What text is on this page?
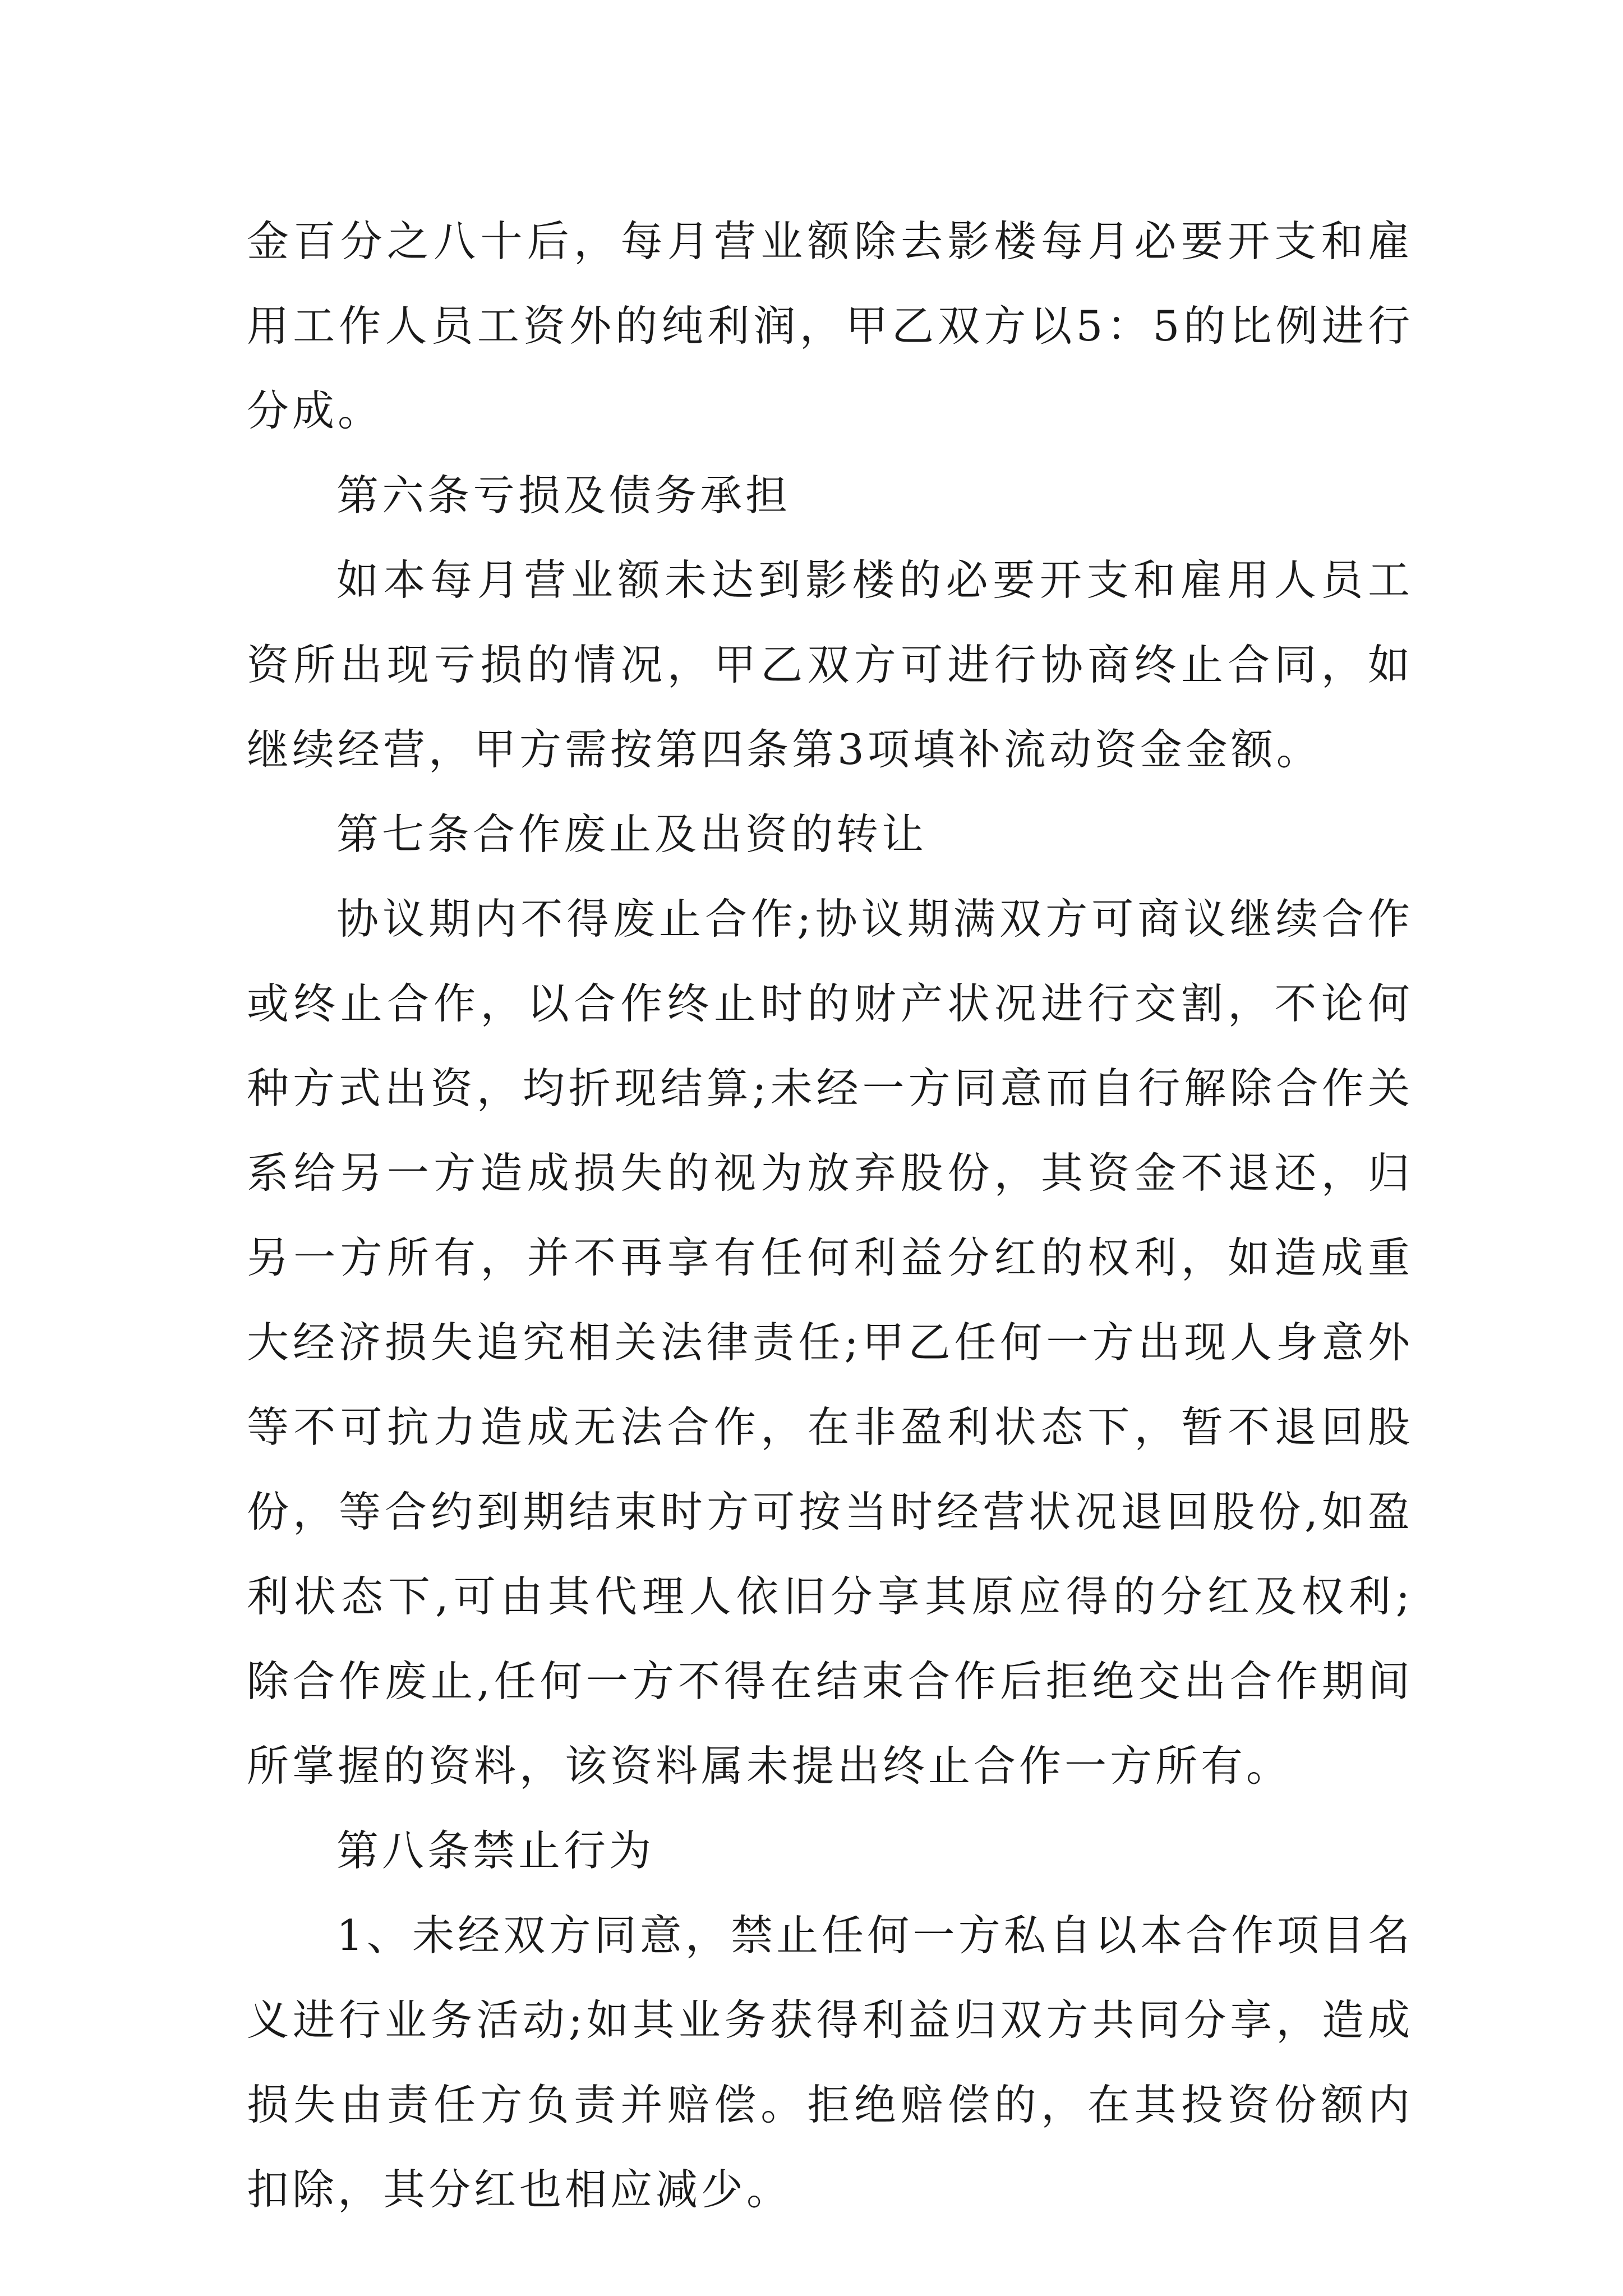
金百分之八十后，每月营业额除去影楼每月必要开支和雇用工作人员工资外的纯利润，甲乙双方以5：5的比例进行分成。

第六条亏损及债务承担

如本每月营业额未达到影楼的必要开支和雇用人员工资所出现亏损的情况，甲乙双方可进行协商终止合同，如继续经营，甲方需按第四条第3项填补流动资金金额。

第七条合作废止及出资的转让

协议期内不得废止合作;协议期满双方可商议继续合作或终止合作，以合作终止时的财产状况进行交割，不论何种方式出资，均折现结算;未经一方同意而自行解除合作关系给另一方造成损失的视为放弃股份，其资金不退还，归另一方所有，并不再享有任何利益分红的权利，如造成重大经济损失追究相关法律责任;甲乙任何一方出现人身意外等不可抗力造成无法合作，在非盈利状态下，暂不退回股份，等合约到期结束时方可按当时经营状况退回股份,如盈利状态下,可由其代理人依旧分享其原应得的分红及权利;除合作废止,任何一方不得在结束合作后拒绝交出合作期间所掌握的资料，该资料属未提出终止合作一方所有。

第八条禁止行为

1、未经双方同意，禁止任何一方私自以本合作项目名义进行业务活动;如其业务获得利益归双方共同分享，造成损失由责任方负责并赔偿。拒绝赔偿的，在其投资份额内扣除，其分红也相应减少。
